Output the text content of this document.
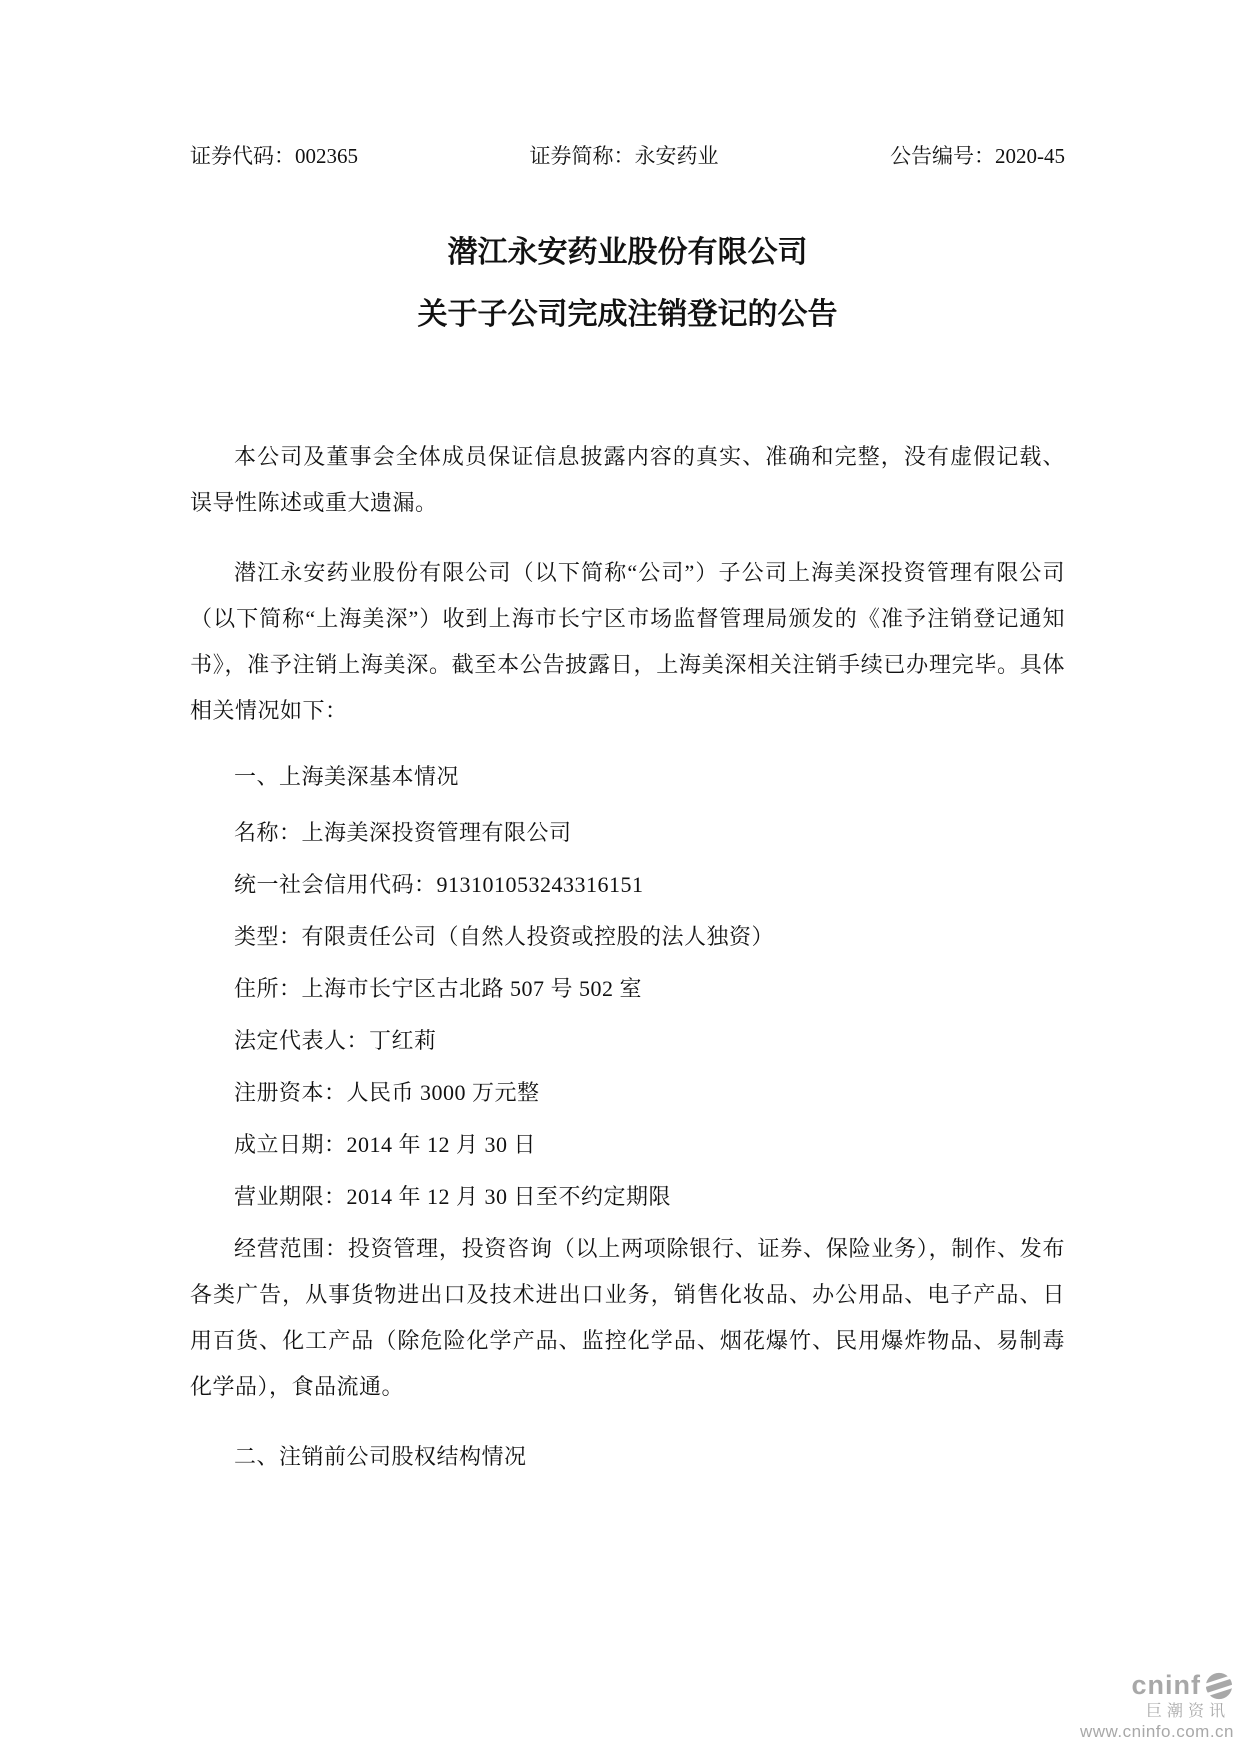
证券代码：002365	证券简称：永安药业	公告编号：2020-45
潜江永安药业股份有限公司
关于子公司完成注销登记的公告

本公司及董事会全体成员保证信息披露内容的真实、准确和完整，没有虚假记载、误导性陈述或重大遗漏。

潜江永安药业股份有限公司（以下简称“公司”）子公司上海美深投资管理有限公司（以下简称“上海美深”）收到上海市长宁区市场监督管理局颁发的《准予注销登记通知书》，准予注销上海美深。截至本公告披露日，上海美深相关注销手续已办理完毕。具体相关情况如下：

一、上海美深基本情况

名称：上海美深投资管理有限公司

统一社会信用代码：913101053243316151

类型：有限责任公司（自然人投资或控股的法人独资）

住所：上海市长宁区古北路 507 号 502 室

法定代表人：丁红莉

注册资本：人民币 3000 万元整

成立日期：2014 年 12 月 30 日

营业期限：2014 年 12 月 30 日至不约定期限

经营范围：投资管理，投资咨询（以上两项除银行、证券、保险业务），制作、发布各类广告，从事货物进出口及技术进出口业务，销售化妆品、办公用品、电子产品、日用百货、化工产品（除危险化学产品、监控化学品、烟花爆竹、民用爆炸物品、易制毒化学品），食品流通。

二、注销前公司股权结构情况

cninf
巨潮资讯
www.cninfo.com.cn
